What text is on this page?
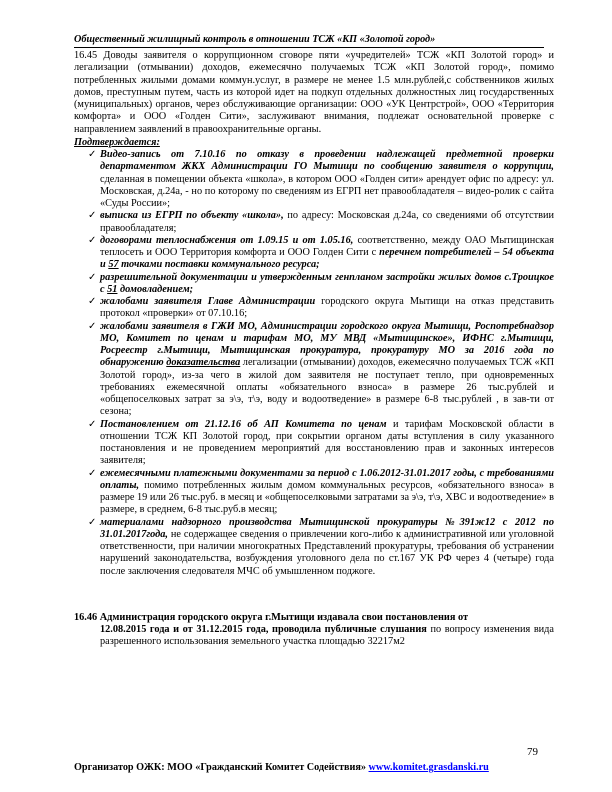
Общественный жилищный контроль в отношении ТСЖ «КП «Золотой город»

16.45 Доводы заявителя о коррупционном сговоре пяти «учредителей» ТСЖ «КП Золотой город» и легализации (отмывании) доходов, ежемесячно получаемых ТСЖ «КП Золотой город», помимо потребленных жилыми домами коммун.услуг, в размере не менее 1.5 млн.рублей,с собственников жилых домов, преступным путем, часть из которой идет на подкуп отдельных должностных лиц государственных (муниципальных) органов, через обслуживающие организации: ООО «УК Центрстрой», ООО «Территория комфорта» и ООО «Голден Сити», заслуживают внимания, подлежат основательной проверке с направлением заявлений в правоохранительные органы.

Подтверждается:

✓ Видео-запись от 7.10.16 по отказу в проведении надлежащей предметной проверки департаментом ЖКХ Администрации ГО Мытищи по сообщению заявителя о коррупции, сделанная в помещении объекта «школа», в котором ООО «Голден сити» арендует офис по адресу: ул. Московская, д.24а, - но по которому по сведениям из ЕГРП нет правообладателя – видео-ролик с сайта «Суды России»;
✓ выписка из ЕГРП по объекту «школа», по адресу: Московская д.24а, со сведениями об отсутствии правообладателя;
✓ договорами теплоснабжения от 1.09.15 и от 1.05.16, соответственно, между ОАО Мытищинская теплосеть и ООО Территория комфорта и ООО Голден Сити с перечнем потребителей – 54 объекта и 57 точками поставки коммунального ресурса;
✓ разрешительной документации и утвержденным генпланом застройки жилых домов с.Троицкое с 51 домовладением;
✓ жалобами заявителя Главе Администрации городского округа Мытищи на отказ представить протокол «проверки» от 07.10.16;
✓ жалобами заявителя в ГЖИ МО, Администрации городского округа Мытищи, Роспотребнадзор МО, Комитет по ценам и тарифам МО, МУ МВД «Мытищинское», ИФНС г.Мытищи, Росреестр г.Мытищи, Мытищинская прокуратура, прокуратуру МО за 2016 года по обнаружению доказательства легализации (отмывании) доходов, ежемесячно получаемых ТСЖ «КП Золотой город», из-за чего в жилой дом заявителя не поступает тепло, при одновременных требованиях ежемесячной оплаты «обязательного взноса» в размере 26 тыс.рублей и «общепоселковых затрат за э\э, т\э, воду и водоотведение» в размере 6-8 тыс.рублей , в зав-ти от сезона;
✓ Постановлением от 21.12.16 об АП Комитета по ценам и тарифам Московской области в отношении ТСЖ КП Золотой город, при сокрытии органом даты вступления в силу указанного постановления и не проведением мероприятий для восстановлению прав и законных интересов заявителя;
✓ ежемесячными платежными документами за период с 1.06.2012-31.01.2017 годы, с требованиями оплаты, помимо потребленных жилым домом коммунальных ресурсов, «обязательного взноса» в размере 19 или 26 тыс.руб. в месяц и «общепоселковыми затратами за э\э, т\э, ХВС и водоотведение» в размере, в среднем, 6-8 тыс.руб.в месяц;
✓ материалами надзорного производства Мытищинской прокуратуры №391ж12 с 2012 по 31.01.2017года, не содержащее сведения о привлечении кого-либо к административной или уголовной ответственности, при наличии многократных Представлений прокуратуры, требования об устранении нарушений законодательства, возбуждения уголовного дела по ст.167 УК РФ через 4 (четыре) года после заключения следователя МЧС об умышленном поджоге.

16.46 Администрация городского округа г.Мытищи издавала свои постановления от
12.08.2015 года и от 31.12.2015 года, проводила публичные слушания по вопросу изменения вида разрешенного использования земельного участка площадью 32217м2

79
Организатор ОЖК: МОО «Гражданский Комитет Содействия» www.komitet.grasdanski.ru
